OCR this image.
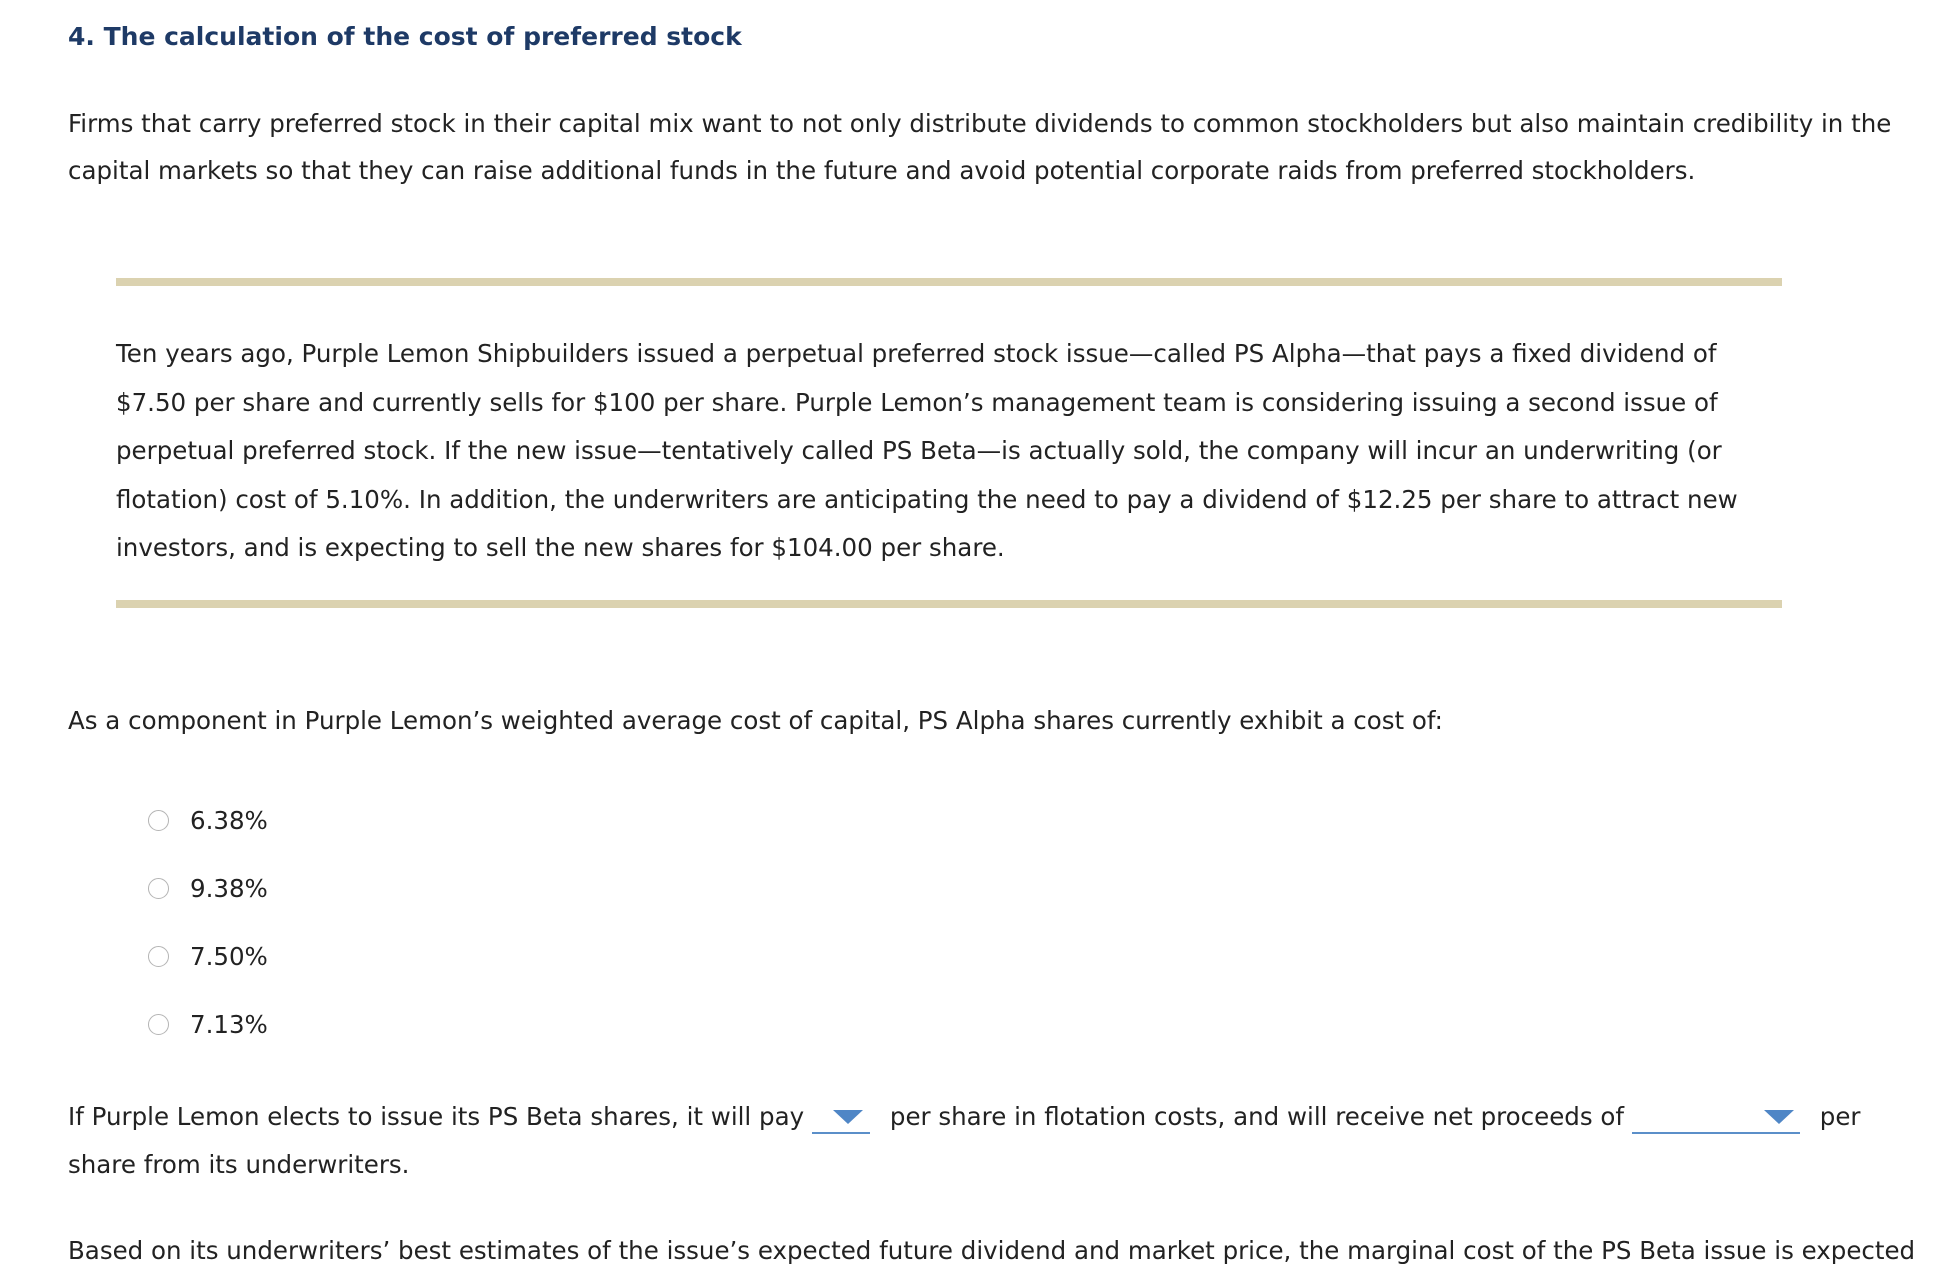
4. The calculation of the cost of preferred stock
Firms that carry preferred stock in their capital mix want to not only distribute dividends to common stockholders but also maintain credibility in the capital markets so that they can raise additional funds in the future and avoid potential corporate raids from preferred stockholders.
Ten years ago, Purple Lemon Shipbuilders issued a perpetual preferred stock issue—called PS Alpha—that pays a fixed dividend of $7.50 per share and currently sells for $100 per share. Purple Lemon’s management team is considering issuing a second issue of perpetual preferred stock. If the new issue—tentatively called PS Beta—is actually sold, the company will incur an underwriting (or flotation) cost of 5.10%. In addition, the underwriters are anticipating the need to pay a dividend of $12.25 per share to attract new investors, and is expecting to sell the new shares for $104.00 per share.
As a component in Purple Lemon’s weighted average cost of capital, PS Alpha shares currently exhibit a cost of:
6.38%
9.38%
7.50%
7.13%
If Purple Lemon elects to issue its PS Beta shares, it will pay	per share in flotation costs, and will receive net proceeds of	per share from its underwriters.
Based on its underwriters’ best estimates of the issue’s expected future dividend and market price, the marginal cost of the PS Beta issue is expected
